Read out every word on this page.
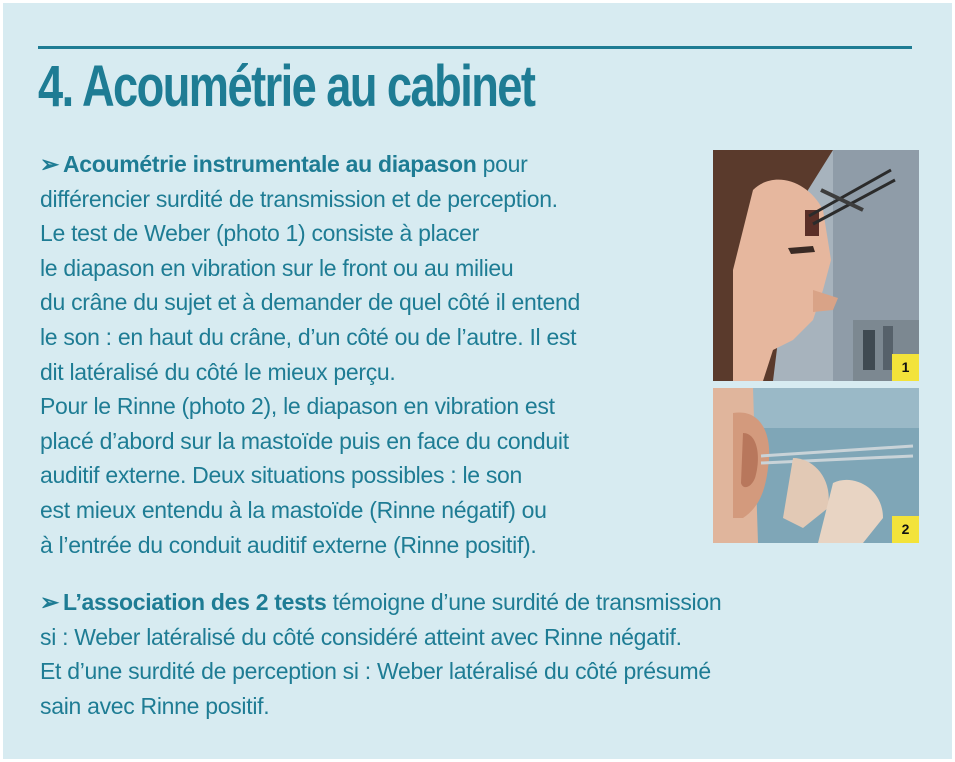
4. Acoumétrie au cabinet
➢ Acoumétrie instrumentale au diapason pour
différencier surdité de transmission et de perception.
Le test de Weber (photo 1) consiste à placer
le diapason en vibration sur le front ou au milieu
du crâne du sujet et à demander de quel côté il entend
le son : en haut du crâne, d’un côté ou de l’autre. Il est
dit latéralisé du côté le mieux perçu.
Pour le Rinne (photo 2), le diapason en vibration est
placé d’abord sur la mastoïde puis en face du conduit
auditif externe. Deux situations possibles : le son
est mieux entendu à la mastoïde (Rinne négatif) ou
à l’entrée du conduit auditif externe (Rinne positif).
1
2
➢ L’association des 2 tests témoigne d’une surdité de transmission
si : Weber latéralisé du côté considéré atteint avec Rinne négatif.
Et d’une surdité de perception si : Weber latéralisé du côté présumé
sain avec Rinne positif.
